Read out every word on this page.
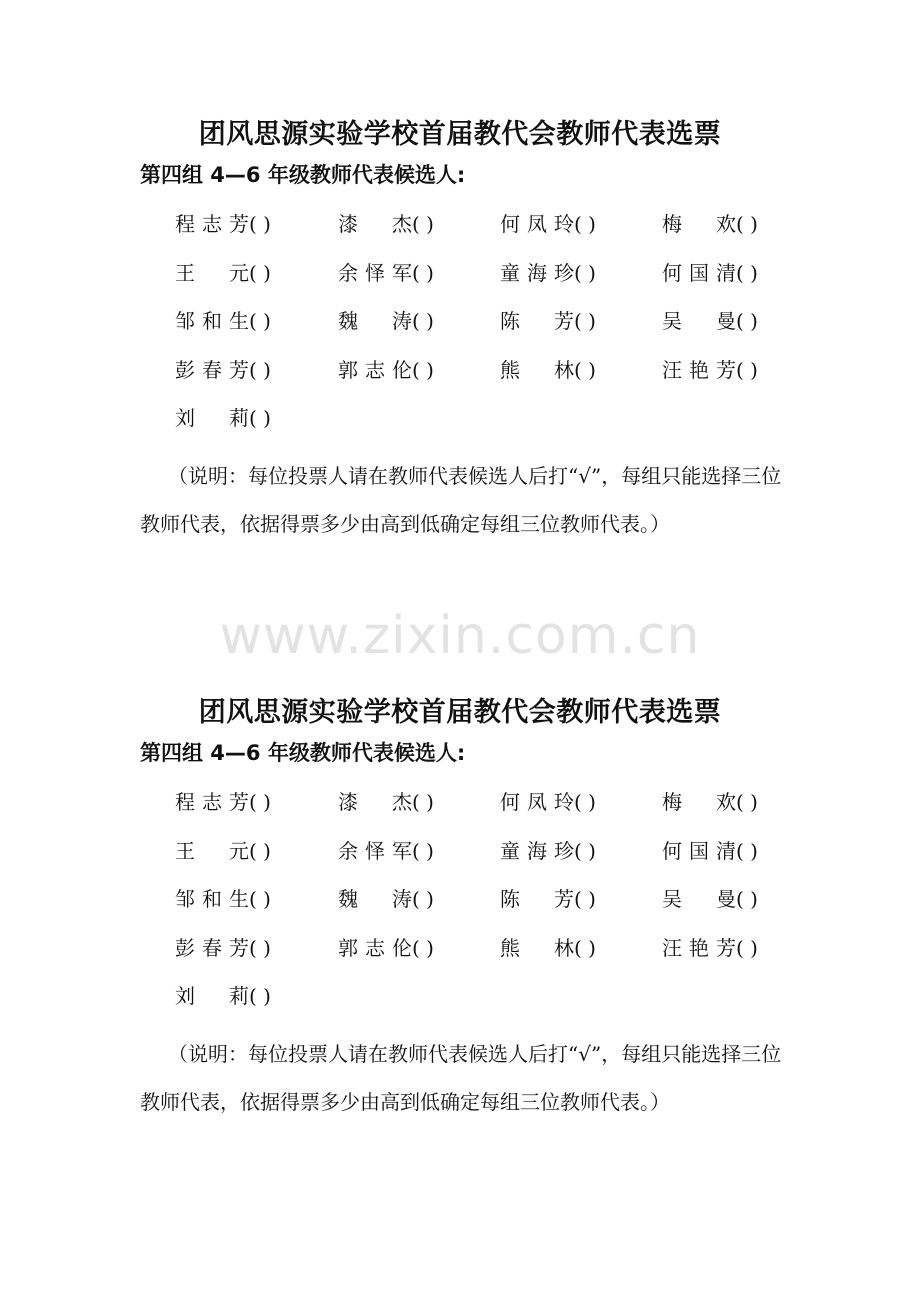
团风思源实验学校首届教代会教师代表选票
第四组 4—6 年级教师代表候选人:
程志芳( )	漆 杰( )	何凤玲( )	梅 欢( )
王 元( )	余怿军( )	童海珍( )	何国清( )
邹和生( )	魏 涛( )	陈 芳( )	吴 曼( )
彭春芳( )	郭志伦( )	熊 林( )	汪艳芳( )
刘 莉( )

（说明：每位投票人请在教师代表候选人后打“√”，每组只能选择三位教师代表，依据得票多少由高到低确定每组三位教师代表。）

www.zixin.com.cn
团风思源实验学校首届教代会教师代表选票
第四组 4—6 年级教师代表候选人:
程志芳( )	漆 杰( )	何凤玲( )	梅 欢( )
王 元( )	余怿军( )	童海珍( )	何国清( )
邹和生( )	魏 涛( )	陈 芳( )	吴 曼( )
彭春芳( )	郭志伦( )	熊 林( )	汪艳芳( )
刘 莉( )

（说明：每位投票人请在教师代表候选人后打“√”，每组只能选择三位教师代表，依据得票多少由高到低确定每组三位教师代表。）
